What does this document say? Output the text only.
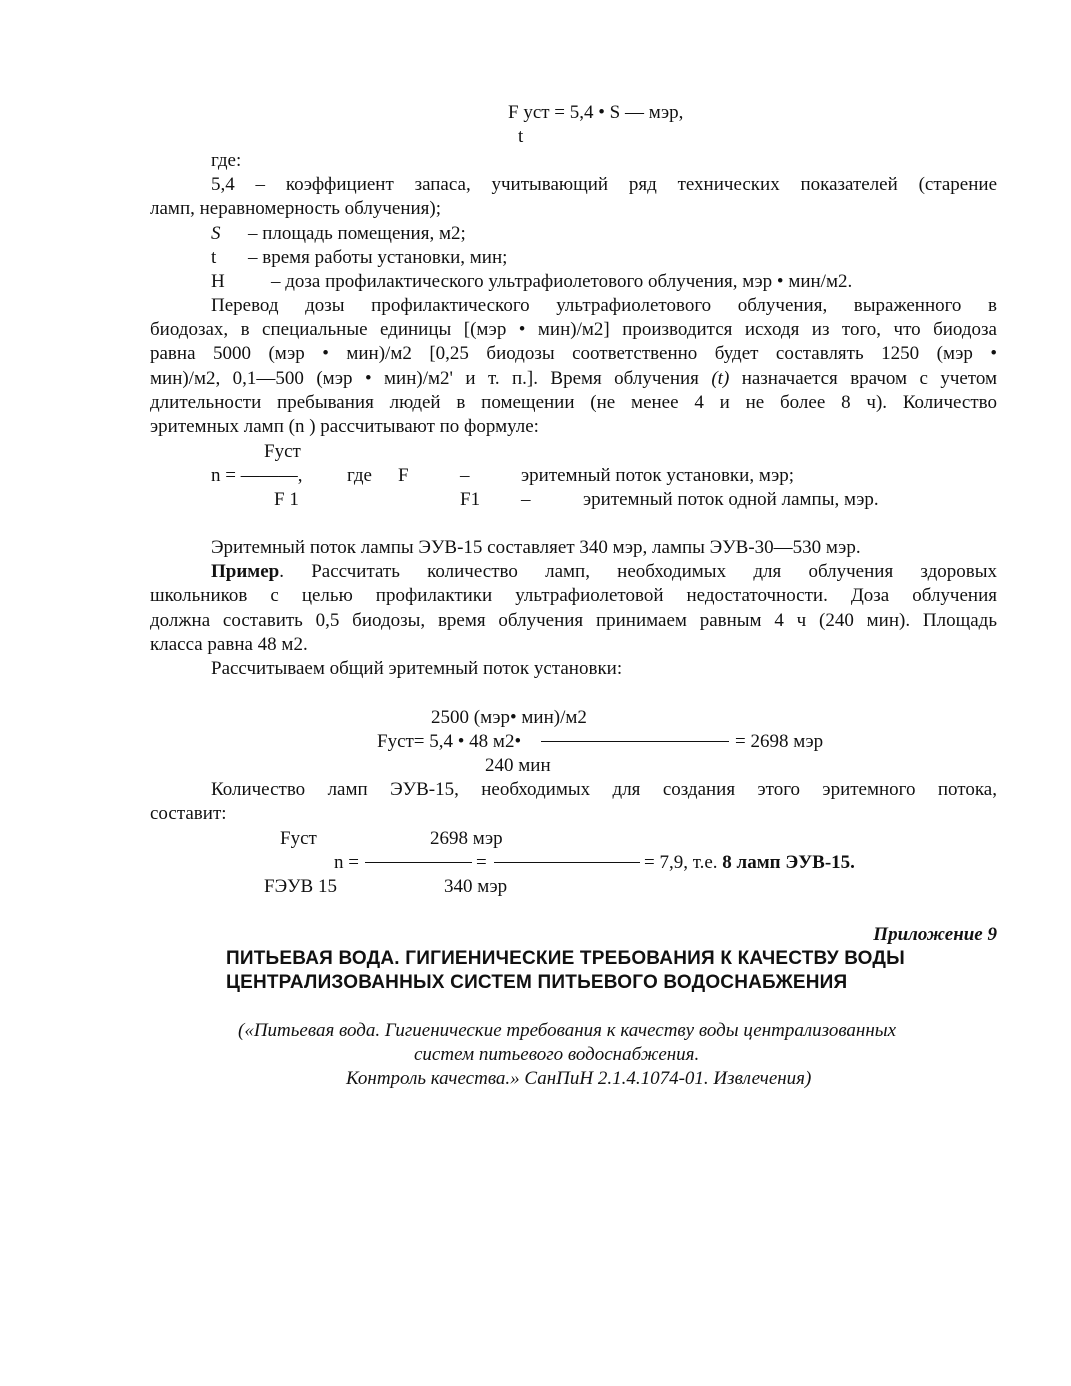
F уст = 5,4 • S — мэр,
t
где:
5,4 – коэффициент запаса, учитывающий ряд технических показателей (старение
ламп, неравномерность облучения);
S – площадь помещения, м2;
t – время работы установки, мин;
Н – доза профилактического ультрафиолетового облучения, мэр • мин/м2.
Перевод дозы профилактического ультрафиолетового облучения, выраженного в
биодозах, в специальные единицы [(мэр • мин)/м2] производится исходя из того, что биодоза
равна 5000 (мэр • мин)/м2 [0,25 биодозы соответственно будет составлять 1250 (мэр •
мин)/м2, 0,1—500 (мэр • мин)/м2' и т. п.]. Время облучения (t) назначается врачом с учетом
длительности пребывания людей в помещении (не менее 4 и не более 8 ч). Количество
эритемных ламп (n ) рассчитывают по формуле:
Fуст
n = ———, где F	–	эритемный поток установки, мэр;
F 1	F1 –	эритемный поток одной лампы, мэр.
Эритемный поток лампы ЭУВ-15 составляет 340 мэр, лампы ЭУВ-30—530 мэр.
Пример. Рассчитать количество ламп, необходимых для облучения здоровых
школьников с целью профилактики ультрафиолетовой недостаточности. Доза облучения
должна составить 0,5 биодозы, время облучения принимаем равным 4 ч (240 мин). Площадь
класса равна 48 м2.
Рассчитываем общий эритемный поток установки:
2500 (мэр• мин)/м2
Fуст= 5,4 • 48 м2•	= 2698 мэр
240 мин
Количество ламп ЭУВ-15, необходимых для создания этого эритемного потока,
составит:
Fуст	2698 мэр
n =	=	= 7,9, т.е. 8 ламп ЭУВ-15.
FЭУВ 15	340 мэр
Приложение 9
ПИТЬЕВАЯ ВОДА. ГИГИЕНИЧЕСКИЕ ТРЕБОВАНИЯ К КАЧЕСТВУ ВОДЫ
ЦЕНТРАЛИЗОВАННЫХ СИСТЕМ ПИТЬЕВОГО ВОДОСНАБЖЕНИЯ
(«Питьевая вода. Гигиенические требования к качеству воды централизованных
систем питьевого водоснабжения.
Контроль качества.» СанПиН 2.1.4.1074-01. Извлечения)
